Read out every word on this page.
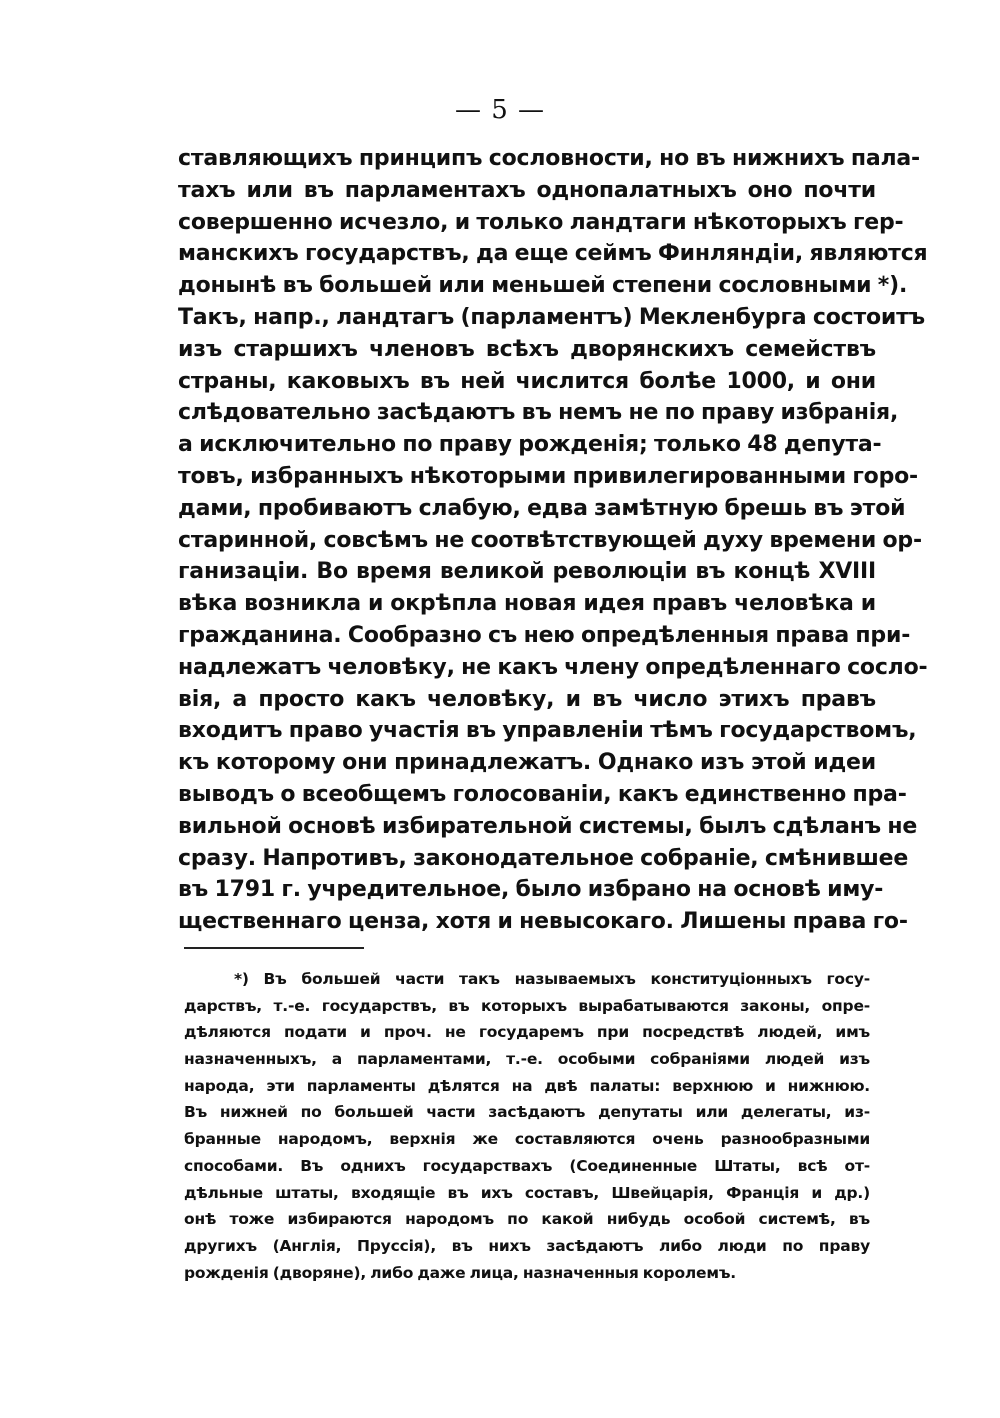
— 5 —
ставляющихъ принципъ сословности, но въ нижнихъ пала-
тахъ или въ парламентахъ однопалатныхъ оно почти
совершенно исчезло, и только ландтаги нѣкоторыхъ гер-
манскихъ государствъ, да еще сеймъ Финляндіи, являются
донынѣ въ большей или меньшей степени сословными *).
Такъ, напр., ландтагъ (парламентъ) Мекленбурга состоитъ
изъ старшихъ членовъ всѣхъ дворянскихъ семействъ
страны, каковыхъ въ ней числится болѣе 1000, и они
слѣдовательно засѣдаютъ въ немъ не по праву избранія,
а исключительно по праву рожденія; только 48 депута-
товъ, избранныхъ нѣкоторыми привилегированными горо-
дами, пробиваютъ слабую, едва замѣтную брешь въ этой
старинной, совсѣмъ не соотвѣтствующей духу времени ор-
ганизаціи. Во время великой революціи въ концѣ XVIII
вѣка возникла и окрѣпла новая идея правъ человѣка и
гражданина. Сообразно съ нею опредѣленныя права при-
надлежатъ человѣку, не какъ члену опредѣленнаго сосло-
вія, а просто какъ человѣку, и въ число этихъ правъ
входитъ право участія въ управленіи тѣмъ государствомъ,
къ которому они принадлежатъ. Однако изъ этой идеи
выводъ о всеобщемъ голосованіи, какъ единственно пра-
вильной основѣ избирательной системы, былъ сдѣланъ не
сразу. Напротивъ, законодательное собраніе, смѣнившее
въ 1791 г. учредительное, было избрано на основѣ иму-
щественнаго ценза, хотя и невысокаго. Лишены права го-
*) Въ большей части такъ называемыхъ конституціонныхъ госу-
дарствъ, т.-е. государствъ, въ которыхъ вырабатываются законы, опре-
дѣляются подати и проч. не государемъ при посредствѣ людей, имъ
назначенныхъ, а парламентами, т.-е. особыми собраніями людей изъ
народа, эти парламенты дѣлятся на двѣ палаты: верхнюю и нижнюю.
Въ нижней по большей части засѣдаютъ депутаты или делегаты, из-
бранные народомъ, верхнія же составляются очень разнообразными
способами. Въ однихъ государствахъ (Соединенные Штаты, всѣ от-
дѣльные штаты, входящіе въ ихъ составъ, Швейцарія, Франція и др.)
онѣ тоже избираются народомъ по какой нибудь особой системѣ, въ
другихъ (Англія, Пруссія), въ нихъ засѣдаютъ либо люди по праву
рожденія (дворяне), либо даже лица, назначенныя королемъ.
